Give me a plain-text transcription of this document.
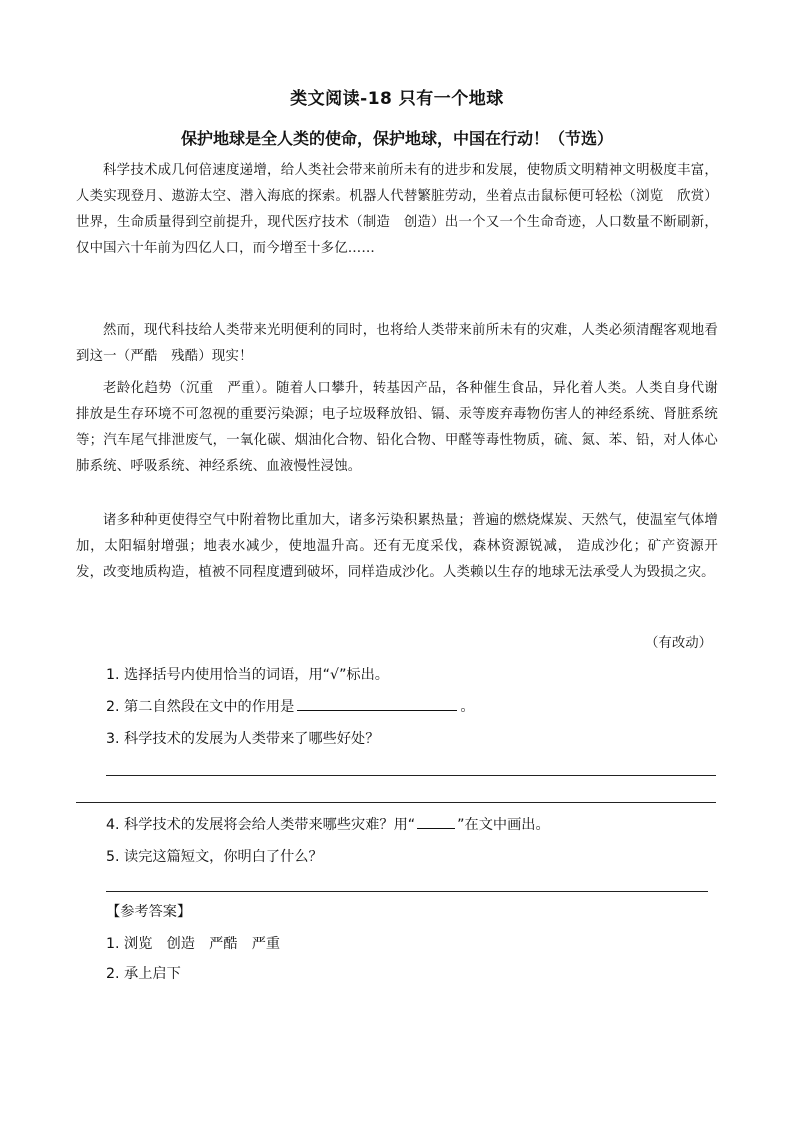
类文阅读-18 只有一个地球
保护地球是全人类的使命，保护地球，中国在行动！（节选）

科学技术成几何倍速度递增，给人类社会带来前所未有的进步和发展，使物质文明精神文明极度丰富，人类实现登月、遨游太空、潜入海底的探索。机器人代替繁脏劳动，坐着点击鼠标便可轻松（浏览　欣赏）世界，生命质量得到空前提升，现代医疗技术（制造　创造）出一个又一个生命奇迹，人口数量不断刷新，仅中国六十年前为四亿人口，而今增至十多亿……

然而，现代科技给人类带来光明便利的同时，也将给人类带来前所未有的灾难，人类必须清醒客观地看到这一（严酷　残酷）现实！

老龄化趋势（沉重　严重）。随着人口攀升，转基因产品，各种催生食品，异化着人类。人类自身代谢排放是生存环境不可忽视的重要污染源；电子垃圾释放铅、镉、汞等废弃毒物伤害人的神经系统、肾脏系统等；汽车尾气排泄废气，一氧化碳、烟油化合物、铅化合物、甲醛等毒性物质，硫、氮、苯、铅，对人体心肺系统、呼吸系统、神经系统、血液慢性浸蚀。

诸多种种更使得空气中附着物比重加大，诸多污染积累热量；普遍的燃烧煤炭、天然气，使温室气体增加，太阳辐射增强；地表水减少，使地温升高。还有无度采伐，森林资源锐减， 造成沙化；矿产资源开发，改变地质构造，植被不同程度遭到破坏，同样造成沙化。人类赖以生存的地球无法承受人为毁损之灾。

（有改动）
1. 选择括号内使用恰当的词语，用“√”标出。
2. 第二自然段在文中的作用是	。
3. 科学技术的发展为人类带来了哪些好处？
4. 科学技术的发展将会给人类带来哪些灾难？用“	”在文中画出。
5. 读完这篇短文，你明白了什么？
【参考答案】
1. 浏览　创造　严酷　严重
2. 承上启下
